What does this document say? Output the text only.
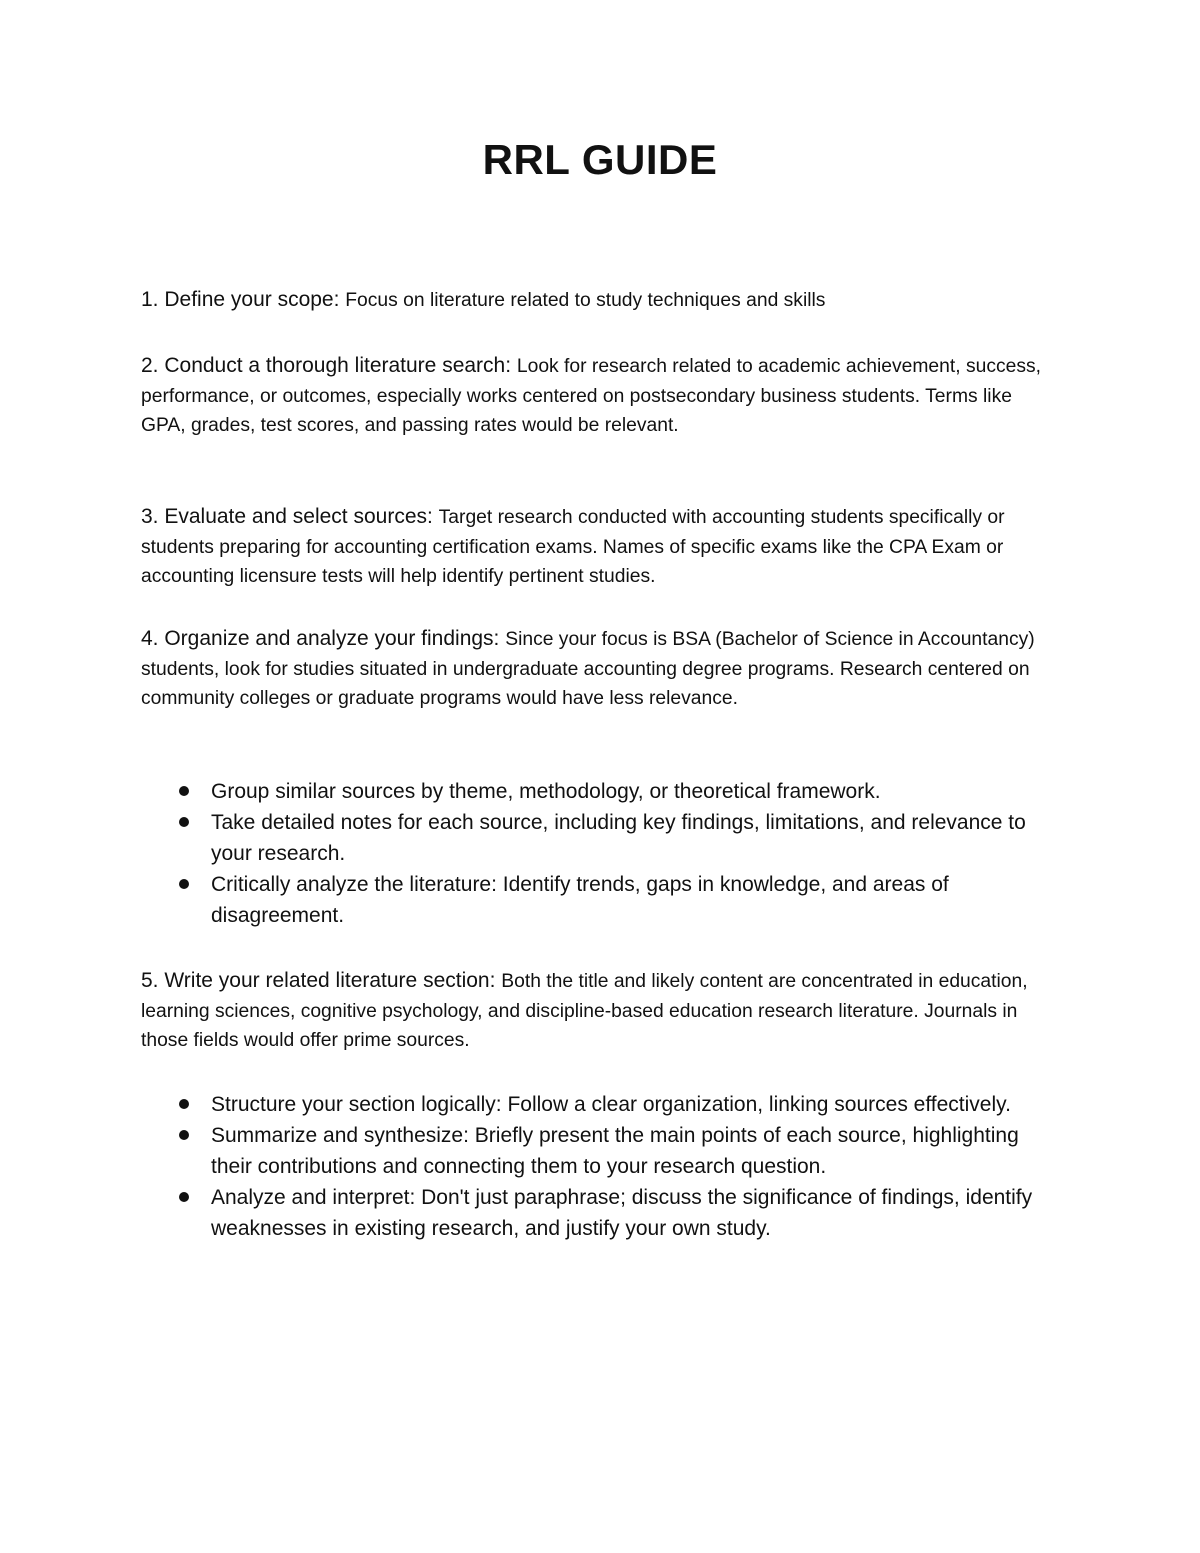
RRL GUIDE

1. Define your scope: Focus on literature related to study techniques and skills

2. Conduct a thorough literature search: Look for research related to academic achievement, success, performance, or outcomes, especially works centered on postsecondary business students. Terms like GPA, grades, test scores, and passing rates would be relevant.

3. Evaluate and select sources: Target research conducted with accounting students specifically or students preparing for accounting certification exams. Names of specific exams like the CPA Exam or accounting licensure tests will help identify pertinent studies.

4. Organize and analyze your findings: Since your focus is BSA (Bachelor of Science in Accountancy) students, look for studies situated in undergraduate accounting degree programs. Research centered on community colleges or graduate programs would have less relevance.

Group similar sources by theme, methodology, or theoretical framework.
Take detailed notes for each source, including key findings, limitations, and relevance to your research.
Critically analyze the literature: Identify trends, gaps in knowledge, and areas of disagreement.

5. Write your related literature section: Both the title and likely content are concentrated in education, learning sciences, cognitive psychology, and discipline-based education research literature. Journals in those fields would offer prime sources.

Structure your section logically: Follow a clear organization, linking sources effectively.
Summarize and synthesize: Briefly present the main points of each source, highlighting their contributions and connecting them to your research question.
Analyze and interpret: Don't just paraphrase; discuss the significance of findings, identify weaknesses in existing research, and justify your own study.
